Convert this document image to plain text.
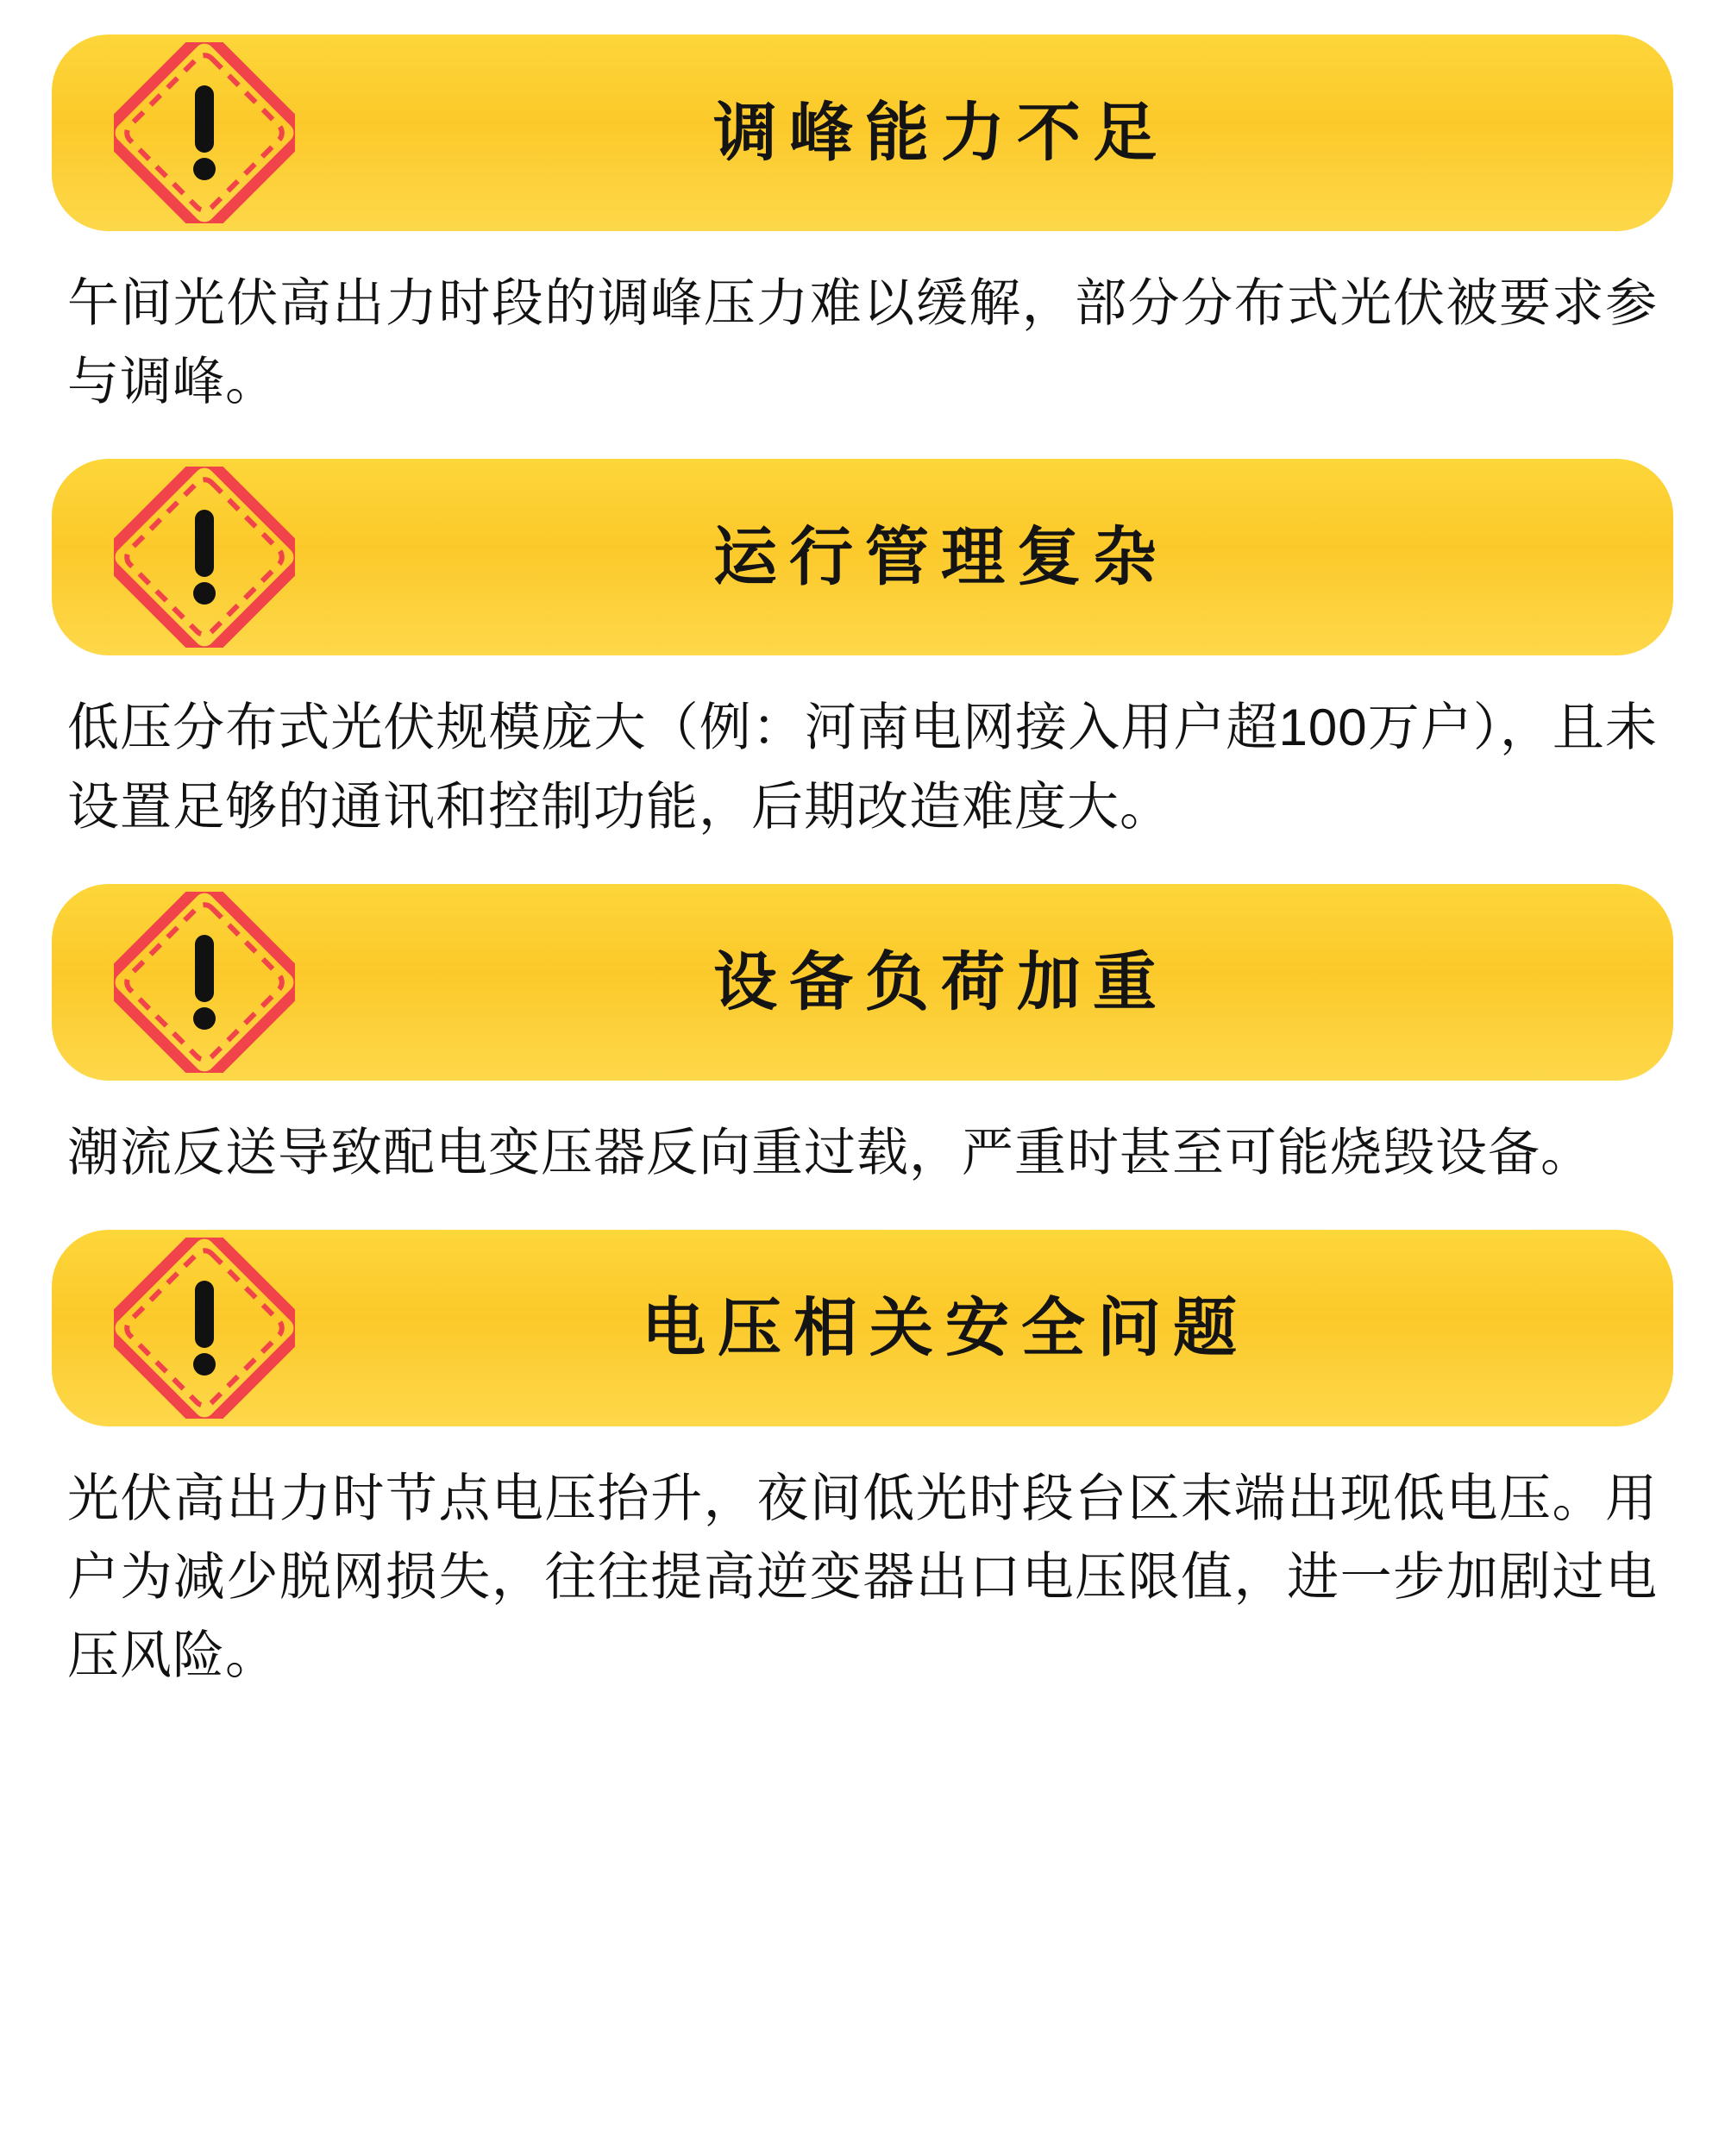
调峰能力不足

午间光伏高出力时段的调峰压力难以缓解，部分分布式光伏被要求参与调峰。

运行管理复杂

低压分布式光伏规模庞大（例：河南电网接入用户超100万户），且未设置足够的通讯和控制功能，后期改造难度大。

设备负荷加重

潮流反送导致配电变压器反向重过载，严重时甚至可能烧毁设备。

电压相关安全问题

光伏高出力时节点电压抬升，夜间低光时段台区末端出现低电压。用户为减少脱网损失，往往提高逆变器出口电压限值，进一步加剧过电压风险。
